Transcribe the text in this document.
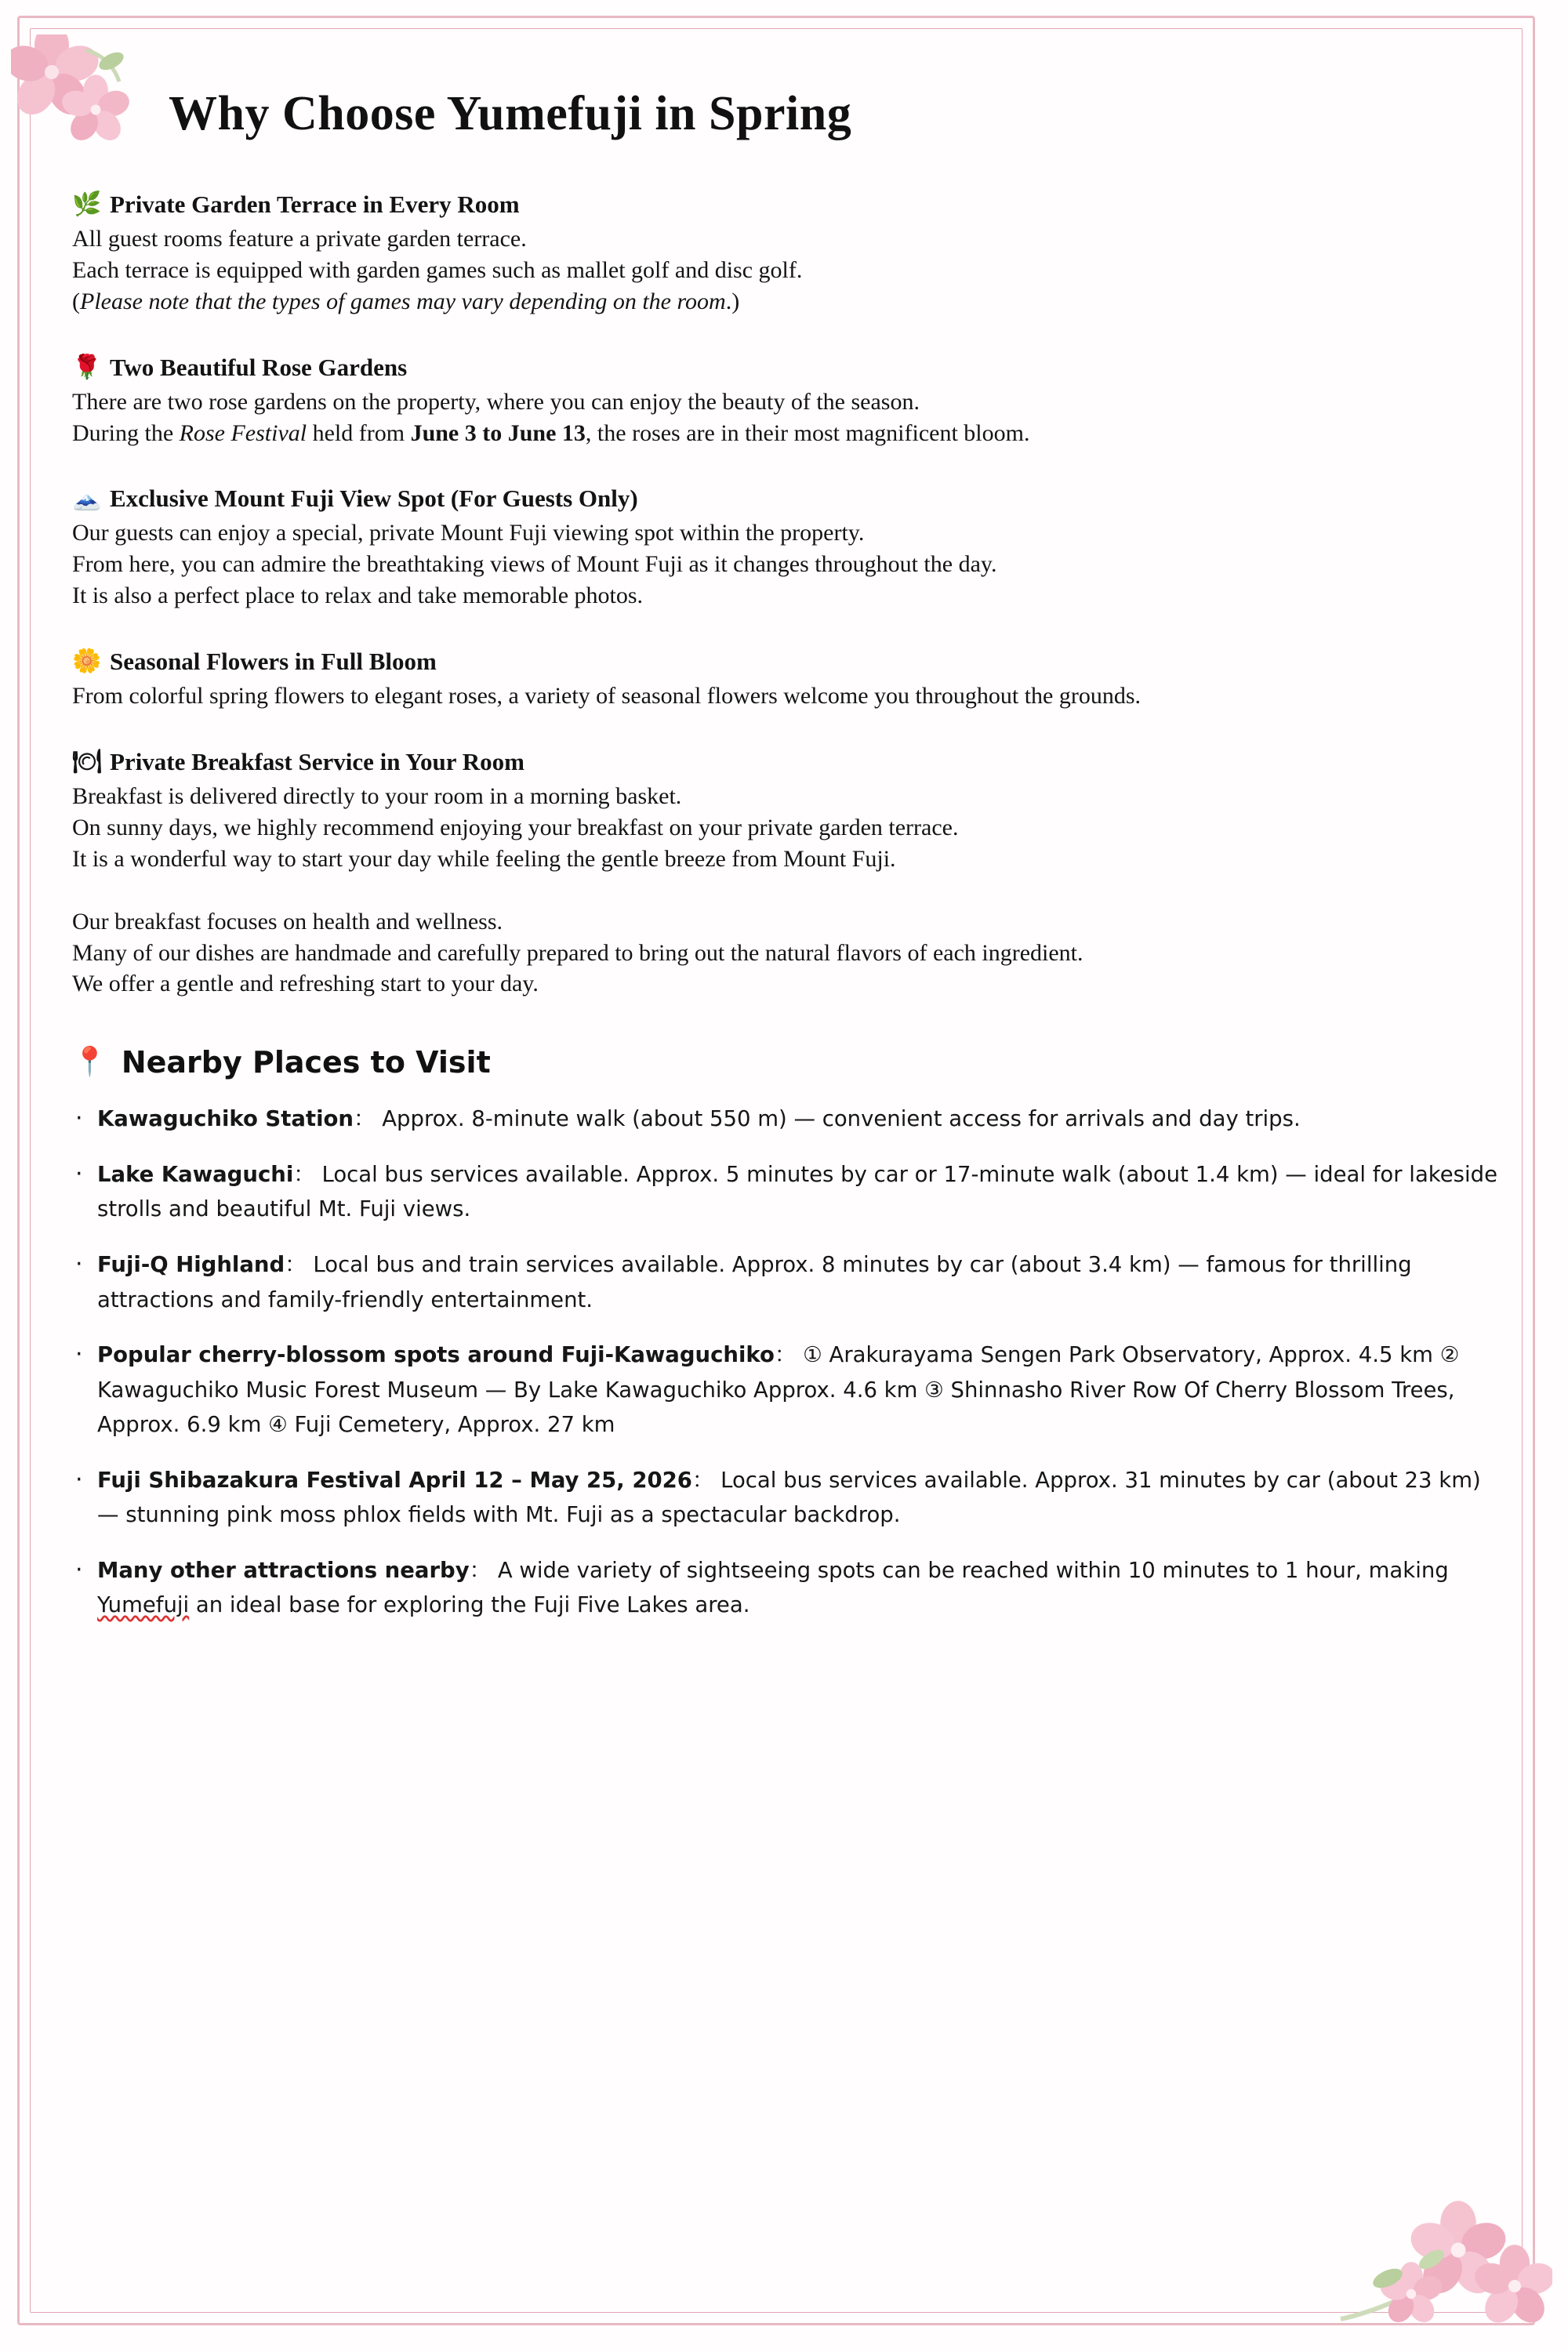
Why Choose Yumefuji in Spring
🌿 Private Garden Terrace in Every Room

All guest rooms feature a private garden terrace.

Each terrace is equipped with garden games such as mallet golf and disc golf.

(Please note that the types of games may vary depending on the room.)

🌹 Two Beautiful Rose Gardens

There are two rose gardens on the property, where you can enjoy the beauty of the season.

During the Rose Festival held from June 3 to June 13, the roses are in their most magnificent bloom.

🗻 Exclusive Mount Fuji View Spot (For Guests Only)

Our guests can enjoy a special, private Mount Fuji viewing spot within the property.

From here, you can admire the breathtaking views of Mount Fuji as it changes throughout the day.

It is also a perfect place to relax and take memorable photos.

🌼 Seasonal Flowers in Full Bloom

From colorful spring flowers to elegant roses, a variety of seasonal flowers welcome you throughout the grounds.

🍽 Private Breakfast Service in Your Room

Breakfast is delivered directly to your room in a morning basket.

On sunny days, we highly recommend enjoying your breakfast on your private garden terrace.

It is a wonderful way to start your day while feeling the gentle breeze from Mount Fuji.

Our breakfast focuses on health and wellness.

Many of our dishes are handmade and carefully prepared to bring out the natural flavors of each ingredient.

We offer a gentle and refreshing start to your day.

📍 Nearby Places to Visit
· Kawaguchiko Station： Approx. 8-minute walk (about 550 m) — convenient access for arrivals and day trips.
· Lake Kawaguchi： Local bus services available. Approx. 5 minutes by car or 17-minute walk (about 1.4 km) — ideal for lakeside strolls and beautiful Mt. Fuji views.
· Fuji-Q Highland： Local bus and train services available. Approx. 8 minutes by car (about 3.4 km) — famous for thrilling attractions and family-friendly entertainment.
· Popular cherry-blossom spots around Fuji-Kawaguchiko： ① Arakurayama Sengen Park Observatory, Approx. 4.5 km ② Kawaguchiko Music Forest Museum — By Lake Kawaguchiko Approx. 4.6 km ③ Shinnasho River Row Of Cherry Blossom Trees, Approx. 6.9 km ④ Fuji Cemetery, Approx. 27 km
· Fuji Shibazakura Festival April 12 – May 25, 2026： Local bus services available. Approx. 31 minutes by car (about 23 km) — stunning pink moss phlox fields with Mt. Fuji as a spectacular backdrop.
· Many other attractions nearby： A wide variety of sightseeing spots can be reached within 10 minutes to 1 hour, making Yumefuji an ideal base for exploring the Fuji Five Lakes area.
